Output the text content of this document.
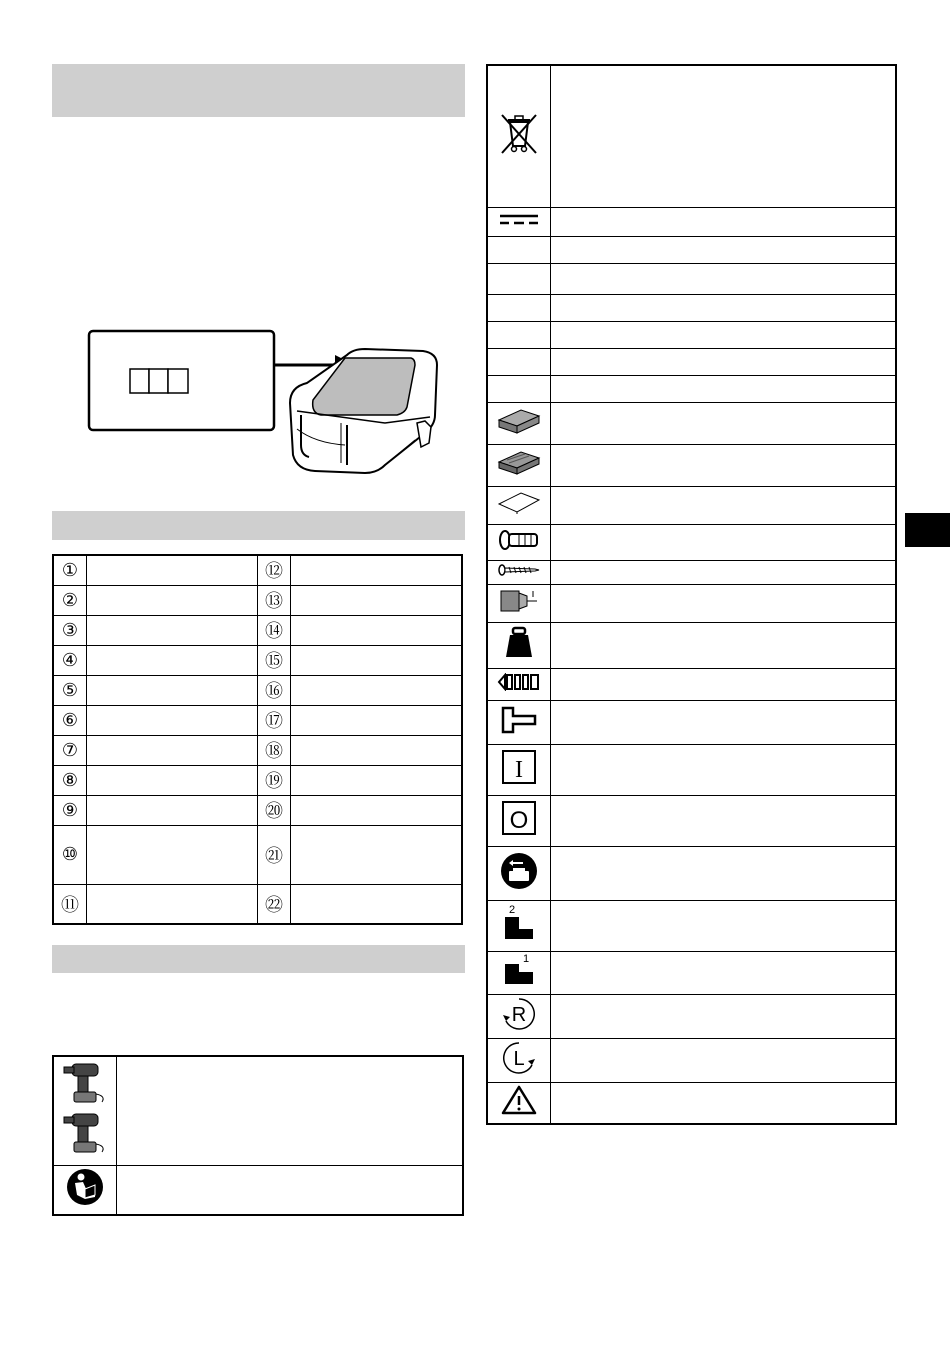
①		⑫	
②		⑬	
③		⑭	
④		⑮	
⑤		⑯	
⑥		⑰	
⑦		⑱	
⑧		⑲	
⑨		⑳	
⑩		㉑	
⑪		㉒	

I	

O	

2	

1	

R	

L	
